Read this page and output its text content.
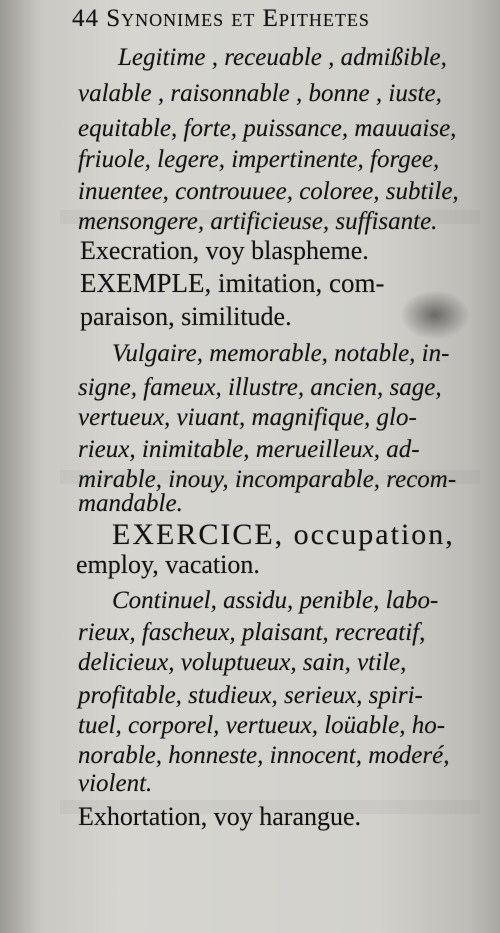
44 Synonimes et Epithetes
Legitime , receuable , admißible,
valable , raisonnable , bonne , iuste,
equitable, forte, puissance, mauuaise,
friuole, legere, impertinente, forgee,
inuentee, controuuee, coloree, subtile,
mensongere, artificieuse, suffisante.
Execration, voy blaspheme.
EXEMPLE, imitation, com-
paraison, similitude.
Vulgaire, memorable, notable, in-
signe, fameux, illustre, ancien, sage,
vertueux, viuant, magnifique, glo-
rieux, inimitable, merueilleux, ad-
mirable, inouy, incomparable, recom-
mandable.
EXERCICE, occupation,
employ, vacation.
Continuel, assidu, penible, labo-
rieux, fascheux, plaisant, recreatif,
delicieux, voluptueux, sain, vtile,
profitable, studieux, serieux, spiri-
tuel, corporel, vertueux, loüable, ho-
norable, honneste, innocent, moderé,
violent.
Exhortation, voy harangue.
